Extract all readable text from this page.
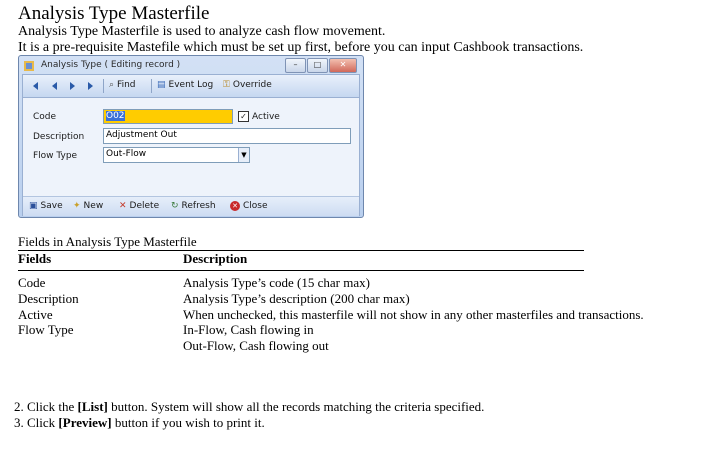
Analysis Type Masterfile
Analysis Type Masterfile is used to analyze cash flow movement.
It is a pre-requisite Mastefile which must be set up first, before you can input Cashbook transactions.
Analysis Type ( Editing record )	–	□	✕
⌕ Find ▤ Event Log ⚿ Override
Code	O02	✓ Active
Description	Adjustment Out
Flow Type	Out-Flow	▼
▣ Save ✦ New ✕ Delete ↻ Refresh ✕ Close
Fields in Analysis Type Masterfile
Fields	Description
Code	Analysis Type’s code (15 char max)
Description	Analysis Type’s description (200 char max)
Active	When unchecked, this masterfile will not show in any other masterfiles and transactions.
Flow Type	In-Flow, Cash flowing in
Out-Flow, Cash flowing out
2. Click the [List] button. System will show all the records matching the criteria specified.
3. Click [Preview] button if you wish to print it.
